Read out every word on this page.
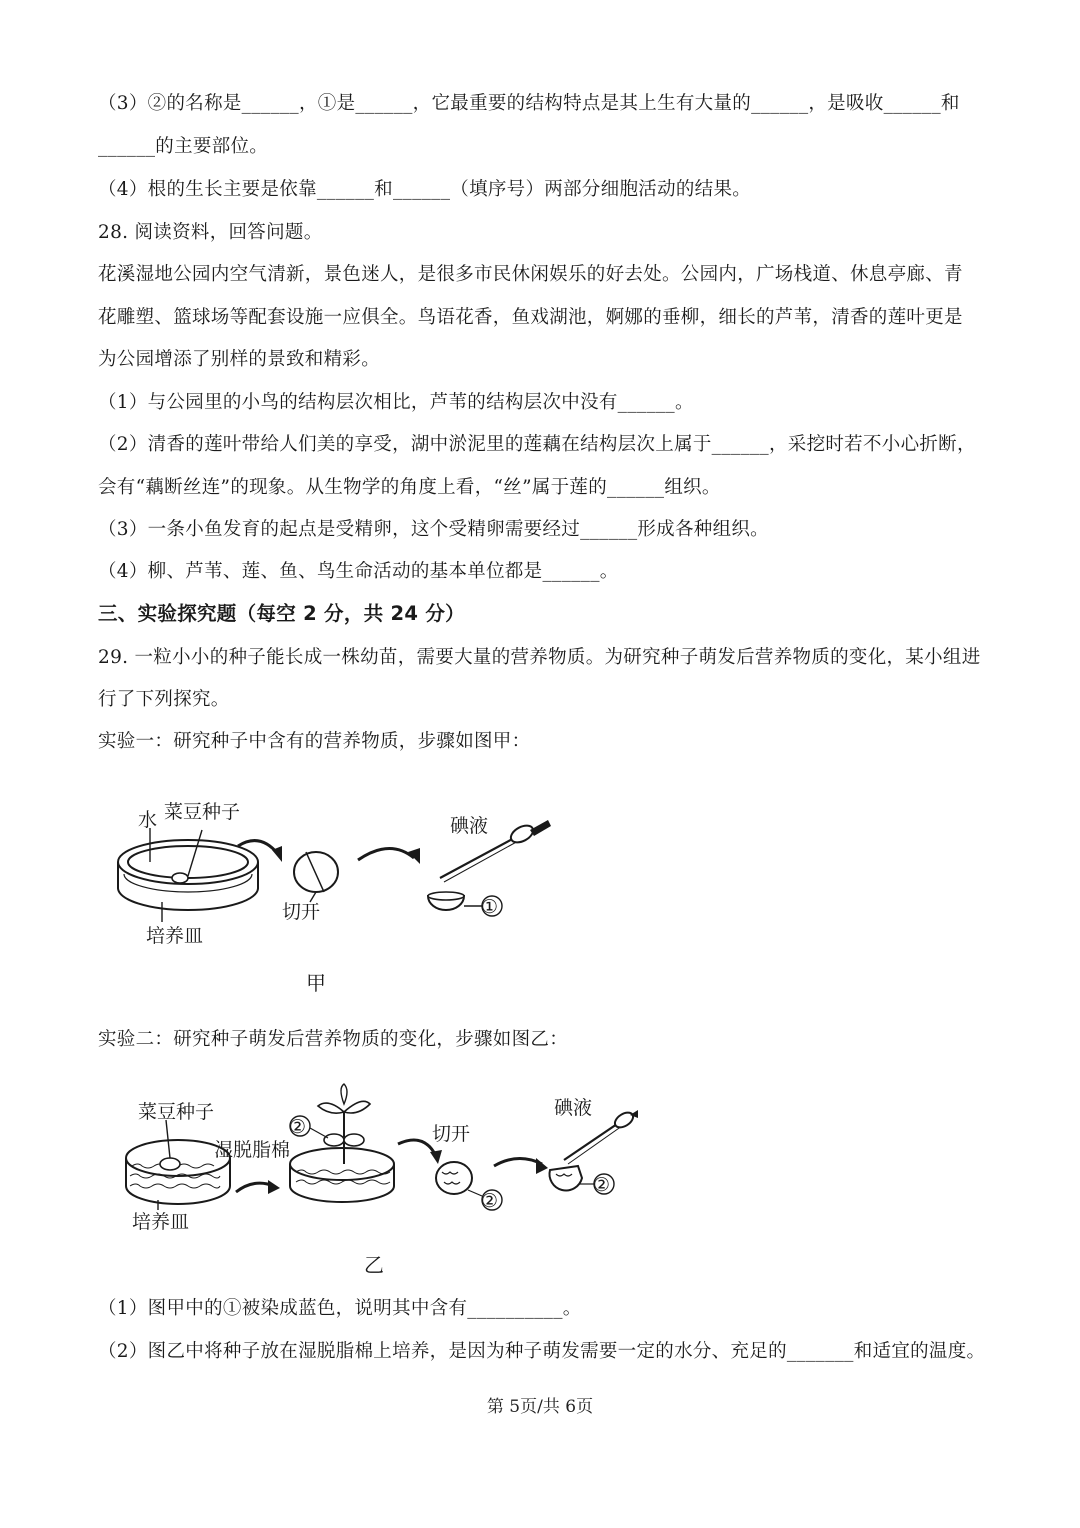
（3）②的名称是______，①是______，它最重要的结构特点是其上生有大量的______，是吸收______和
______的主要部位。
（4）根的生长主要是依靠______和______（填序号）两部分细胞活动的结果。
28. 阅读资料，回答问题。
花溪湿地公园内空气清新，景色迷人，是很多市民休闲娱乐的好去处。公园内，广场栈道、休息亭廊、青
花雕塑、篮球场等配套设施一应俱全。鸟语花香，鱼戏湖池，婀娜的垂柳，细长的芦苇，清香的莲叶更是
为公园增添了别样的景致和精彩。
（1）与公园里的小鸟的结构层次相比，芦苇的结构层次中没有______。
（2）清香的莲叶带给人们美的享受，湖中淤泥里的莲藕在结构层次上属于______，采挖时若不小心折断，
会有“藕断丝连”的现象。从生物学的角度上看，“丝”属于莲的______组织。
（3）一条小鱼发育的起点是受精卵，这个受精卵需要经过______形成各种组织。
（4）柳、芦苇、莲、鱼、鸟生命活动的基本单位都是______。
三、实验探究题（每空 2 分，共 24 分）
29. 一粒小小的种子能长成一株幼苗，需要大量的营养物质。为研究种子萌发后营养物质的变化，某小组进
行了下列探究。
实验一：研究种子中含有的营养物质，步骤如图甲：
水 菜豆种子
培养皿
切开
碘液
①
甲
实验二：研究种子萌发后营养物质的变化，步骤如图乙：
菜豆种子
湿脱脂棉
培养皿
②	切开
②
碘液
②
乙
（1）图甲中的①被染成蓝色，说明其中含有__________。
（2）图乙中将种子放在湿脱脂棉上培养，是因为种子萌发需要一定的水分、充足的_______和适宜的温度。
第 5页/共 6页
